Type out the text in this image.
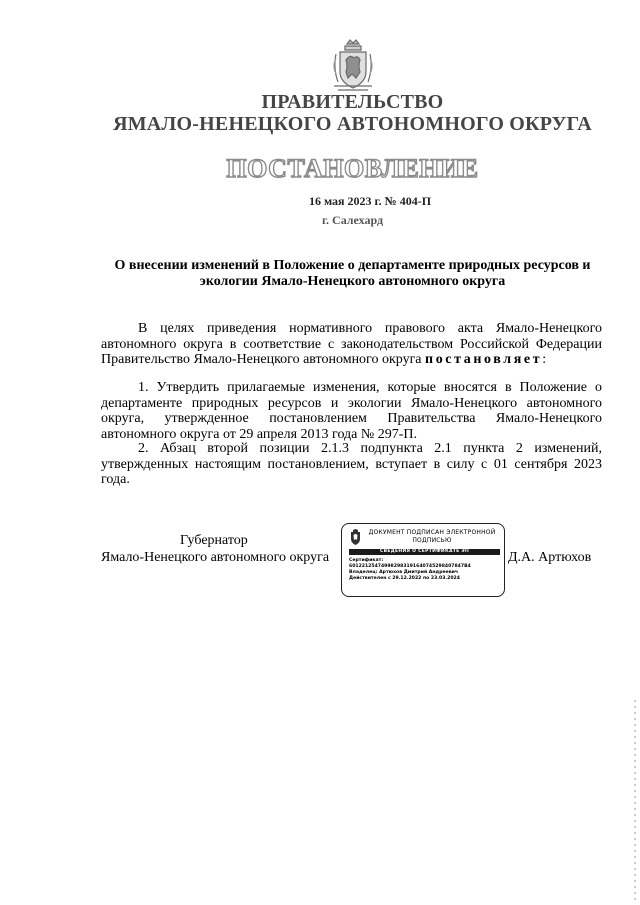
ПРАВИТЕЛЬСТВО
ЯМАЛО-НЕНЕЦКОГО АВТОНОМНОГО ОКРУГА
ПОСТАНОВЛЕНИЕ
16 мая 2023 г. № 404-П
г. Салехард
О внесении изменений в Положение о департаменте природных ресурсов и экологии Ямало-Ненецкого автономного округа
В целях приведения нормативного правового акта Ямало-Ненецкого автономного округа в соответствие с законодательством Российской Федерации Правительство Ямало-Ненецкого автономного округа постановляет:
1. Утвердить прилагаемые изменения, которые вносятся в Положение о департаменте природных ресурсов и экологии Ямало-Ненецкого автономного округа, утвержденное постановлением Правительства Ямало-Ненецкого автономного округа от 29 апреля 2013 года № 297-П.
2. Абзац второй позиции 2.1.3 подпункта 2.1 пункта 2 изменений, утвержденных настоящим постановлением, вступает в силу с 01 сентября 2023 года.
Губернатор
Ямало-Ненецкого автономного округа	Д.А. Артюхов
ДОКУМЕНТ ПОДПИСАН ЭЛЕКТРОННОЙ ПОДПИСЬЮ
СВЕДЕНИЯ О СЕРТИФИКАТЕ ЭП
Сертификат:
601221254749982983191640745298407847B4
Владелец: Артюхов Дмитрий Андреевич
Действителен с 29.12.2022 по 23.03.2024
